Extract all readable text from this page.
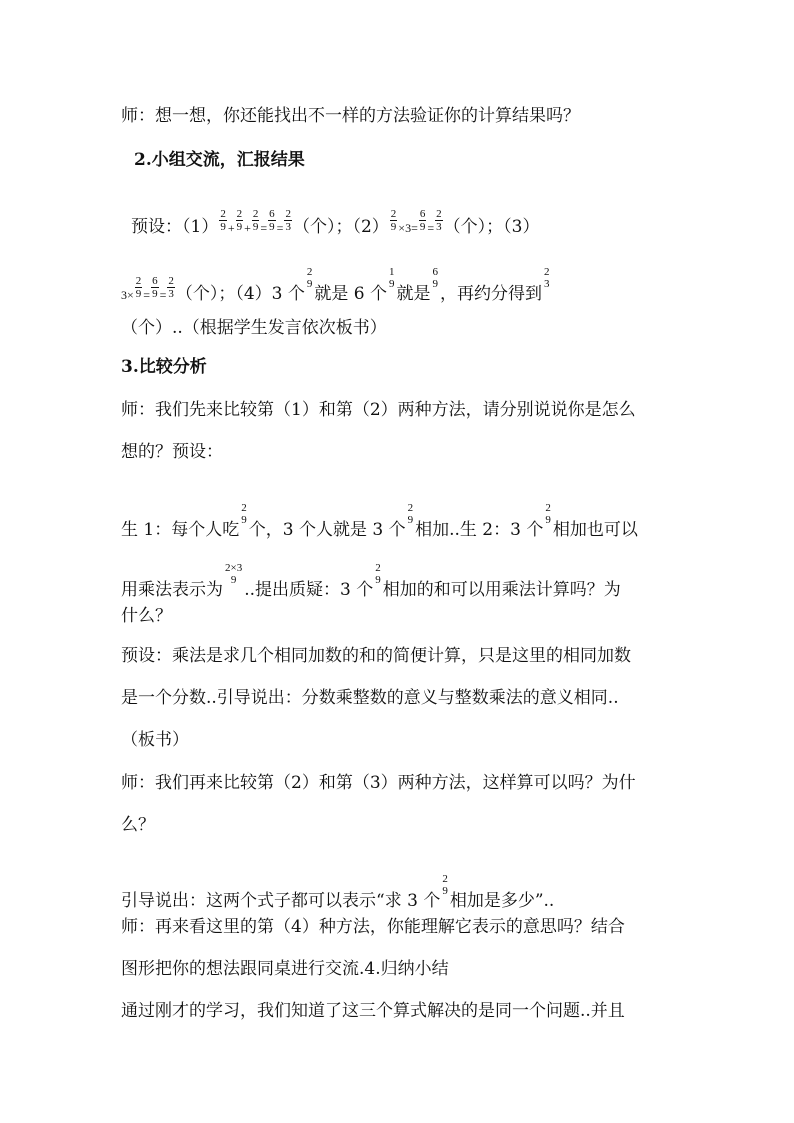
师：想一想，你还能找出不一样的方法验证你的计算结果吗？
2.小组交流，汇报结果
预设：$(1) \frac{2}{9} + \frac{2}{9} + \frac{2}{9} = \frac{6}{9} = \frac{2}{3}$ （个）；$(2) \frac{2}{9} \times 3= \frac{6}{9} = \frac{2}{3}$ （个）；（3）
$3\times \frac{2}{9} = \frac{6}{9} = \frac{2}{3}$ （个）；（4）3 个
2
9 就是 6 个
1
9 就是
6
9 ，再约分得到
2
3
（个）..（根据学生发言依次板书）
3.比较分析
师：我们先来比较第（1）和第（2）两种方法，请分别说说你是怎么
想的？预设：
生 1：每个人吃
2
9 个，3 个人就是 3 个
2
9 相加..生 2：3 个
2
9 相加也可以
用乘法表示为
2×3
9 ..提出质疑：3 个
2
9 相加的和可以用乘法计算吗？为
什么？
预设：乘法是求几个相同加数的和的简便计算，只是这里的相同加数
是一个分数..引导说出：分数乘整数的意义与整数乘法的意义相同..
（板书）
师：我们再来比较第（2）和第（3）两种方法，这样算可以吗？为什
么？
引导说出：这两个式子都可以表示“求 3 个
2
9 相加是多少”..
师：再来看这里的第（4）种方法，你能理解它表示的意思吗？结合
图形把你的想法跟同桌进行交流.4.归纳小结
通过刚才的学习，我们知道了这三个算式解决的是同一个问题..并且
